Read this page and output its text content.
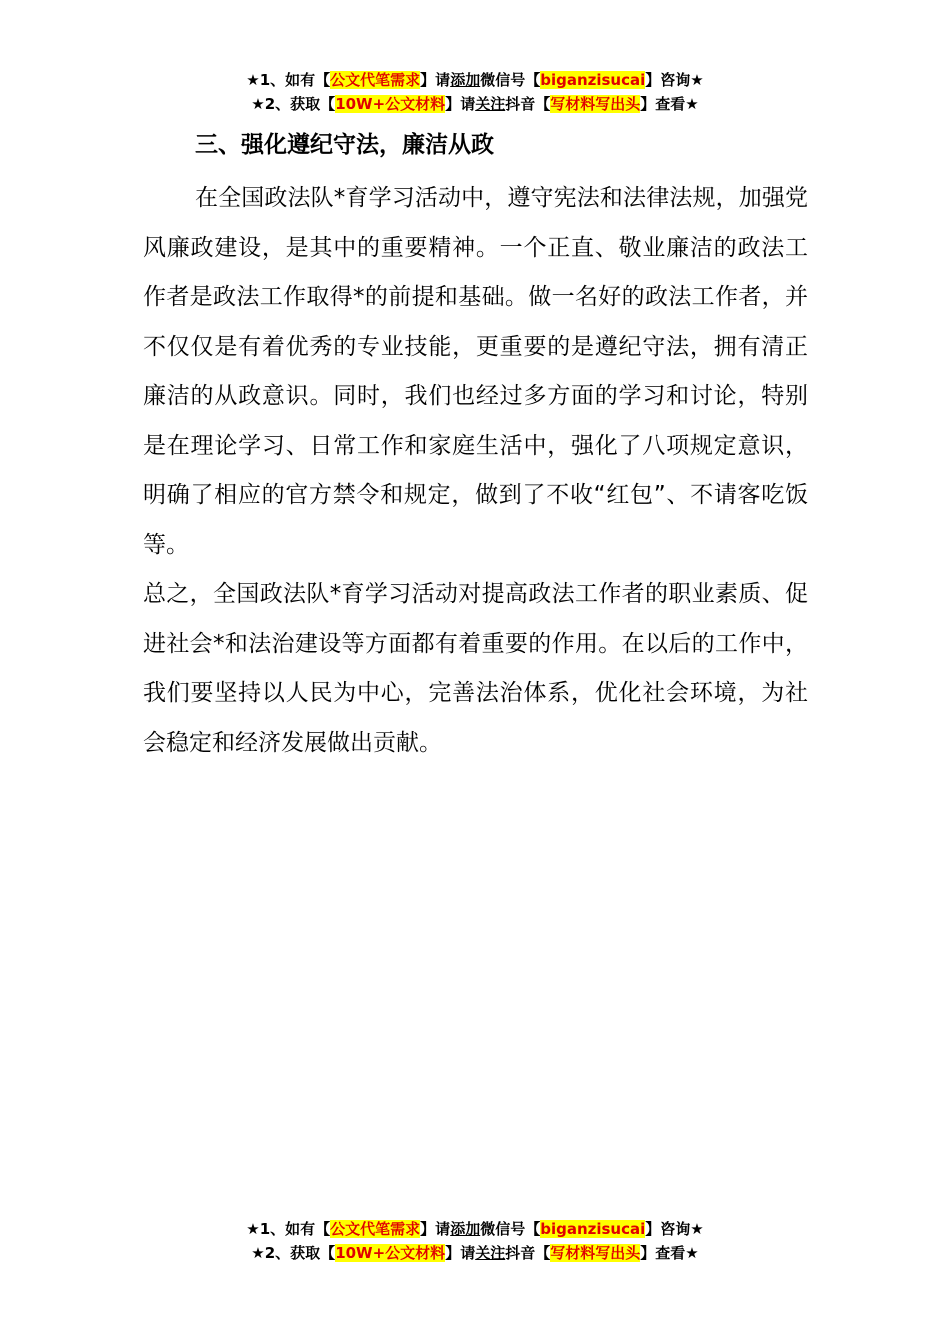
★1、如有【公文代笔需求】请添加微信号【biganzisucai】咨询★
★2、获取【10W+公文材料】请关注抖音【写材料写出头】查看★
三、强化遵纪守法，廉洁从政

在全国政法队*育学习活动中，遵守宪法和法律法规，加强党风廉政建设，是其中的重要精神。一个正直、敬业廉洁的政法工作者是政法工作取得*的前提和基础。做一名好的政法工作者，并不仅仅是有着优秀的专业技能，更重要的是遵纪守法，拥有清正廉洁的从政意识。同时，我们也经过多方面的学习和讨论，特别是在理论学习、日常工作和家庭生活中，强化了八项规定意识，明确了相应的官方禁令和规定，做到了不收“红包”、不请客吃饭等。

总之，全国政法队*育学习活动对提高政法工作者的职业素质、促进社会*和法治建设等方面都有着重要的作用。在以后的工作中，我们要坚持以人民为中心，完善法治体系，优化社会环境，为社会稳定和经济发展做出贡献。

★1、如有【公文代笔需求】请添加微信号【biganzisucai】咨询★
★2、获取【10W+公文材料】请关注抖音【写材料写出头】查看★
